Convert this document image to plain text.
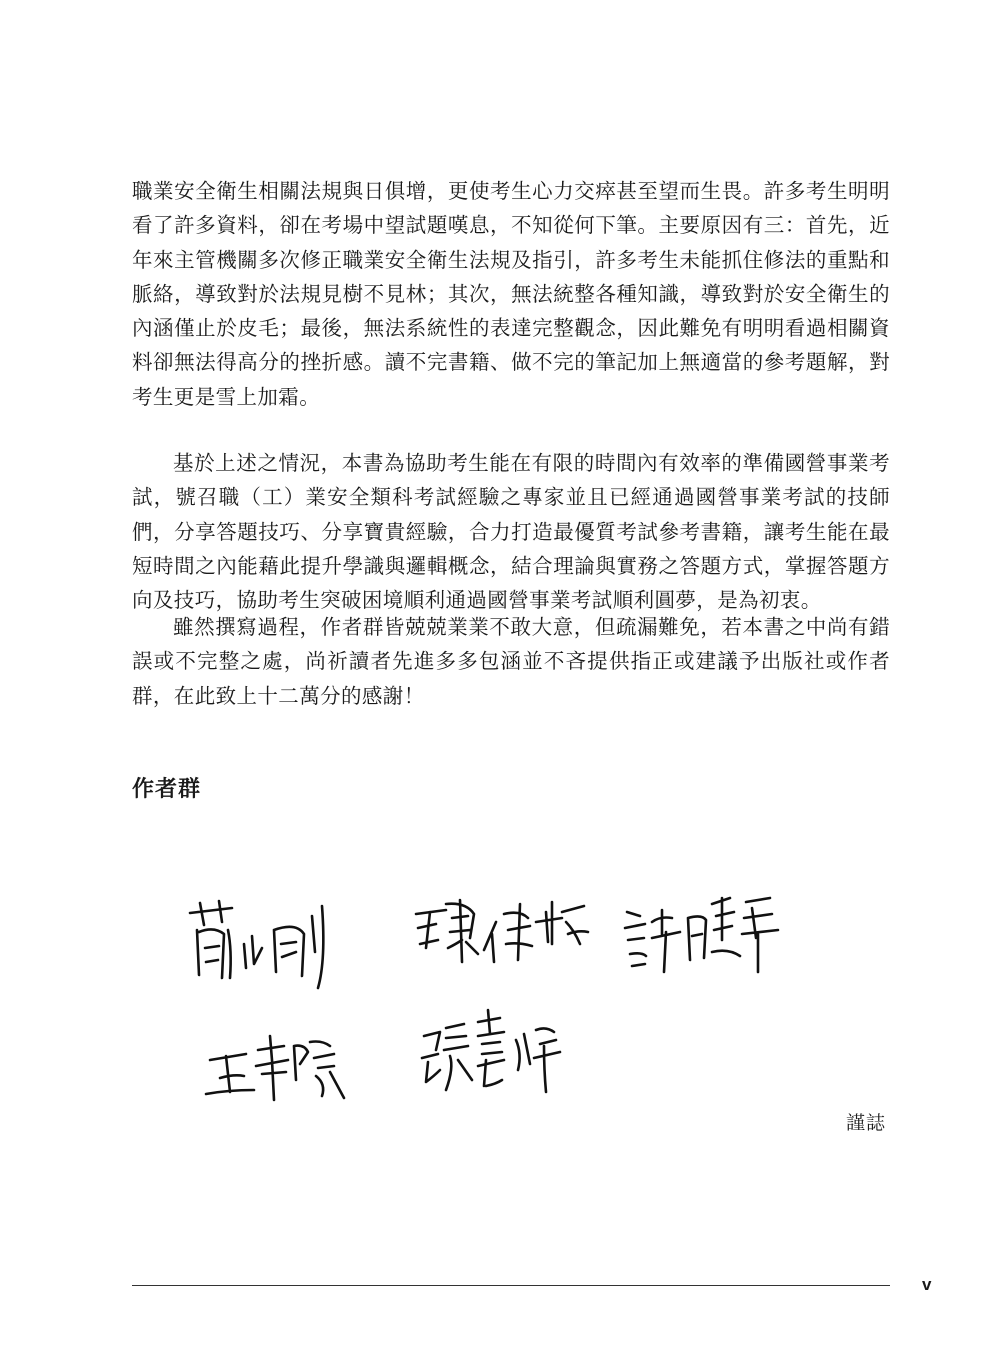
職業安全衛生相關法規與日俱增，更使考生心力交瘁甚至望而生畏。許多考生明明看了許多資料，卻在考場中望試題嘆息，不知從何下筆。主要原因有三：首先，近年來主管機關多次修正職業安全衛生法規及指引，許多考生未能抓住修法的重點和脈絡，導致對於法規見樹不見林；其次，無法統整各種知識，導致對於安全衛生的內涵僅止於皮毛；最後，無法系統性的表達完整觀念，因此難免有明明看過相關資料卻無法得高分的挫折感。讀不完書籍、做不完的筆記加上無適當的參考題解，對考生更是雪上加霜。

基於上述之情況，本書為協助考生能在有限的時間內有效率的準備國營事業考試，號召職（工）業安全類科考試經驗之專家並且已經通過國營事業考試的技師們，分享答題技巧、分享寶貴經驗，合力打造最優質考試參考書籍，讓考生能在最短時間之內能藉此提升學識與邏輯概念，結合理論與實務之答題方式，掌握答題方向及技巧，協助考生突破困境順利通過國營事業考試順利圓夢，是為初衷。

雖然撰寫過程，作者群皆兢兢業業不敢大意，但疏漏難免，若本書之中尚有錯誤或不完整之處，尚祈讀者先進多多包涵並不吝提供指正或建議予出版社或作者群，在此致上十二萬分的感謝！

作者群
謹誌
v
